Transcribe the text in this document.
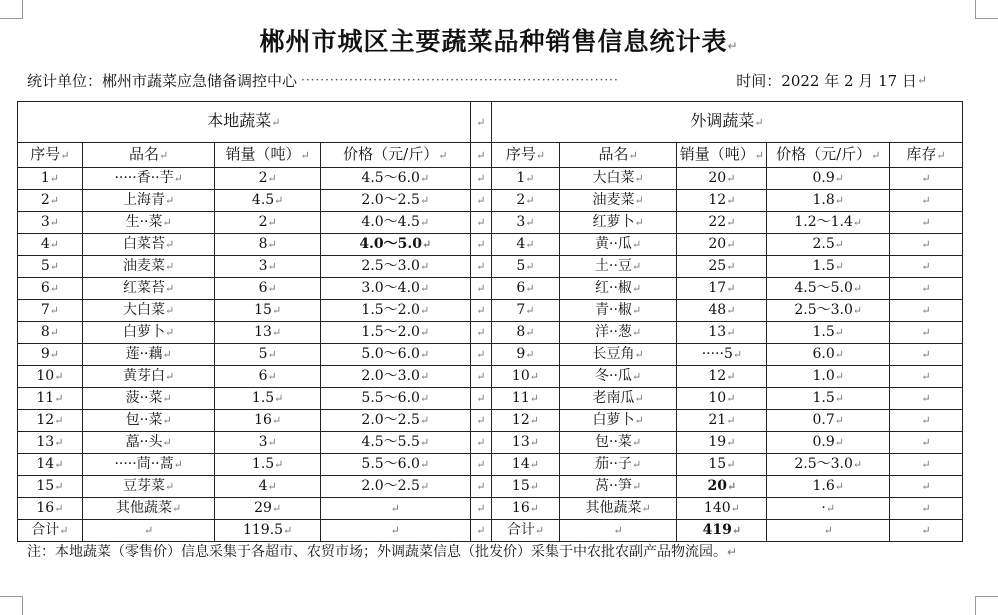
郴州市城区主要蔬菜品种销售信息统计表↵
统计单位：郴州市蔬菜应急储备调控中心 ··································································	时间：2022 年 2 月 17 日 ↵
本地蔬菜↵				↵	外调蔬菜↵				
序号↵	品名↵	销量（吨）↵	价格（元/斤）↵	↵	序号↵	品名↵	销量（吨）↵	价格（元/斤）↵	库存↵
1↵	·····香··芋↵	2↵	4.5～6.0↵	↵	1↵	大白菜↵	20↵	0.9↵	↵
2↵	上海青↵	4.5↵	2.0～2.5↵	↵	2↵	油麦菜↵	12↵	1.8↵	↵
3↵	生··菜↵	2↵	4.0～4.5↵	↵	3↵	红萝卜↵	22↵	1.2～1.4↵	↵
4↵	白菜苔↵	8↵	4.0～5.0↵	↵	4↵	黄··瓜↵	20↵	2.5↵	↵
5↵	油麦菜↵	3↵	2.5～3.0↵	↵	5↵	土··豆↵	25↵	1.5↵	↵
6↵	红菜苔↵	6↵	3.0～4.0↵	↵	6↵	红··椒↵	17↵	4.5～5.0↵	↵
7↵	大白菜↵	15↵	1.5～2.0↵	↵	7↵	青··椒↵	48↵	2.5～3.0↵	↵
8↵	白萝卜↵	13↵	1.5～2.0↵	↵	8↵	洋··葱↵	13↵	1.5↵	↵
9↵	莲··藕↵	5↵	5.0～6.0↵	↵	9↵	长豆角↵	·····5↵	6.0↵	↵
10↵	黄芽白↵	6↵	2.0～3.0↵	↵	10↵	冬··瓜↵	12↵	1.0↵	↵
11↵	菠··菜↵	1.5↵	5.5～6.0↵	↵	11↵	老南瓜↵	10↵	1.5↵	↵
12↵	包··菜↵	16↵	2.0～2.5↵	↵	12↵	白萝卜↵	21↵	0.7↵	↵
13↵	藠··头↵	3↵	4.5～5.5↵	↵	13↵	包··菜↵	19↵	0.9↵	↵
14↵	·····茼··蒿↵	1.5↵	5.5～6.0↵	↵	14↵	茄··子↵	15↵	2.5～3.0↵	↵
15↵	豆芽菜↵	4↵	2.0～2.5↵	↵	15↵	莴··笋↵	20↵	1.6↵	↵
16↵	其他蔬菜↵	29↵	↵	↵	16↵	其他蔬菜↵	140↵	·↵	↵
合计↵	↵	119.5↵	↵	↵	合计↵	↵	419↵	↵	↵
注：本地蔬菜（零售价）信息采集于各超市、农贸市场；外调蔬菜信息（批发价）采集于中农批农副产品物流园。↵
